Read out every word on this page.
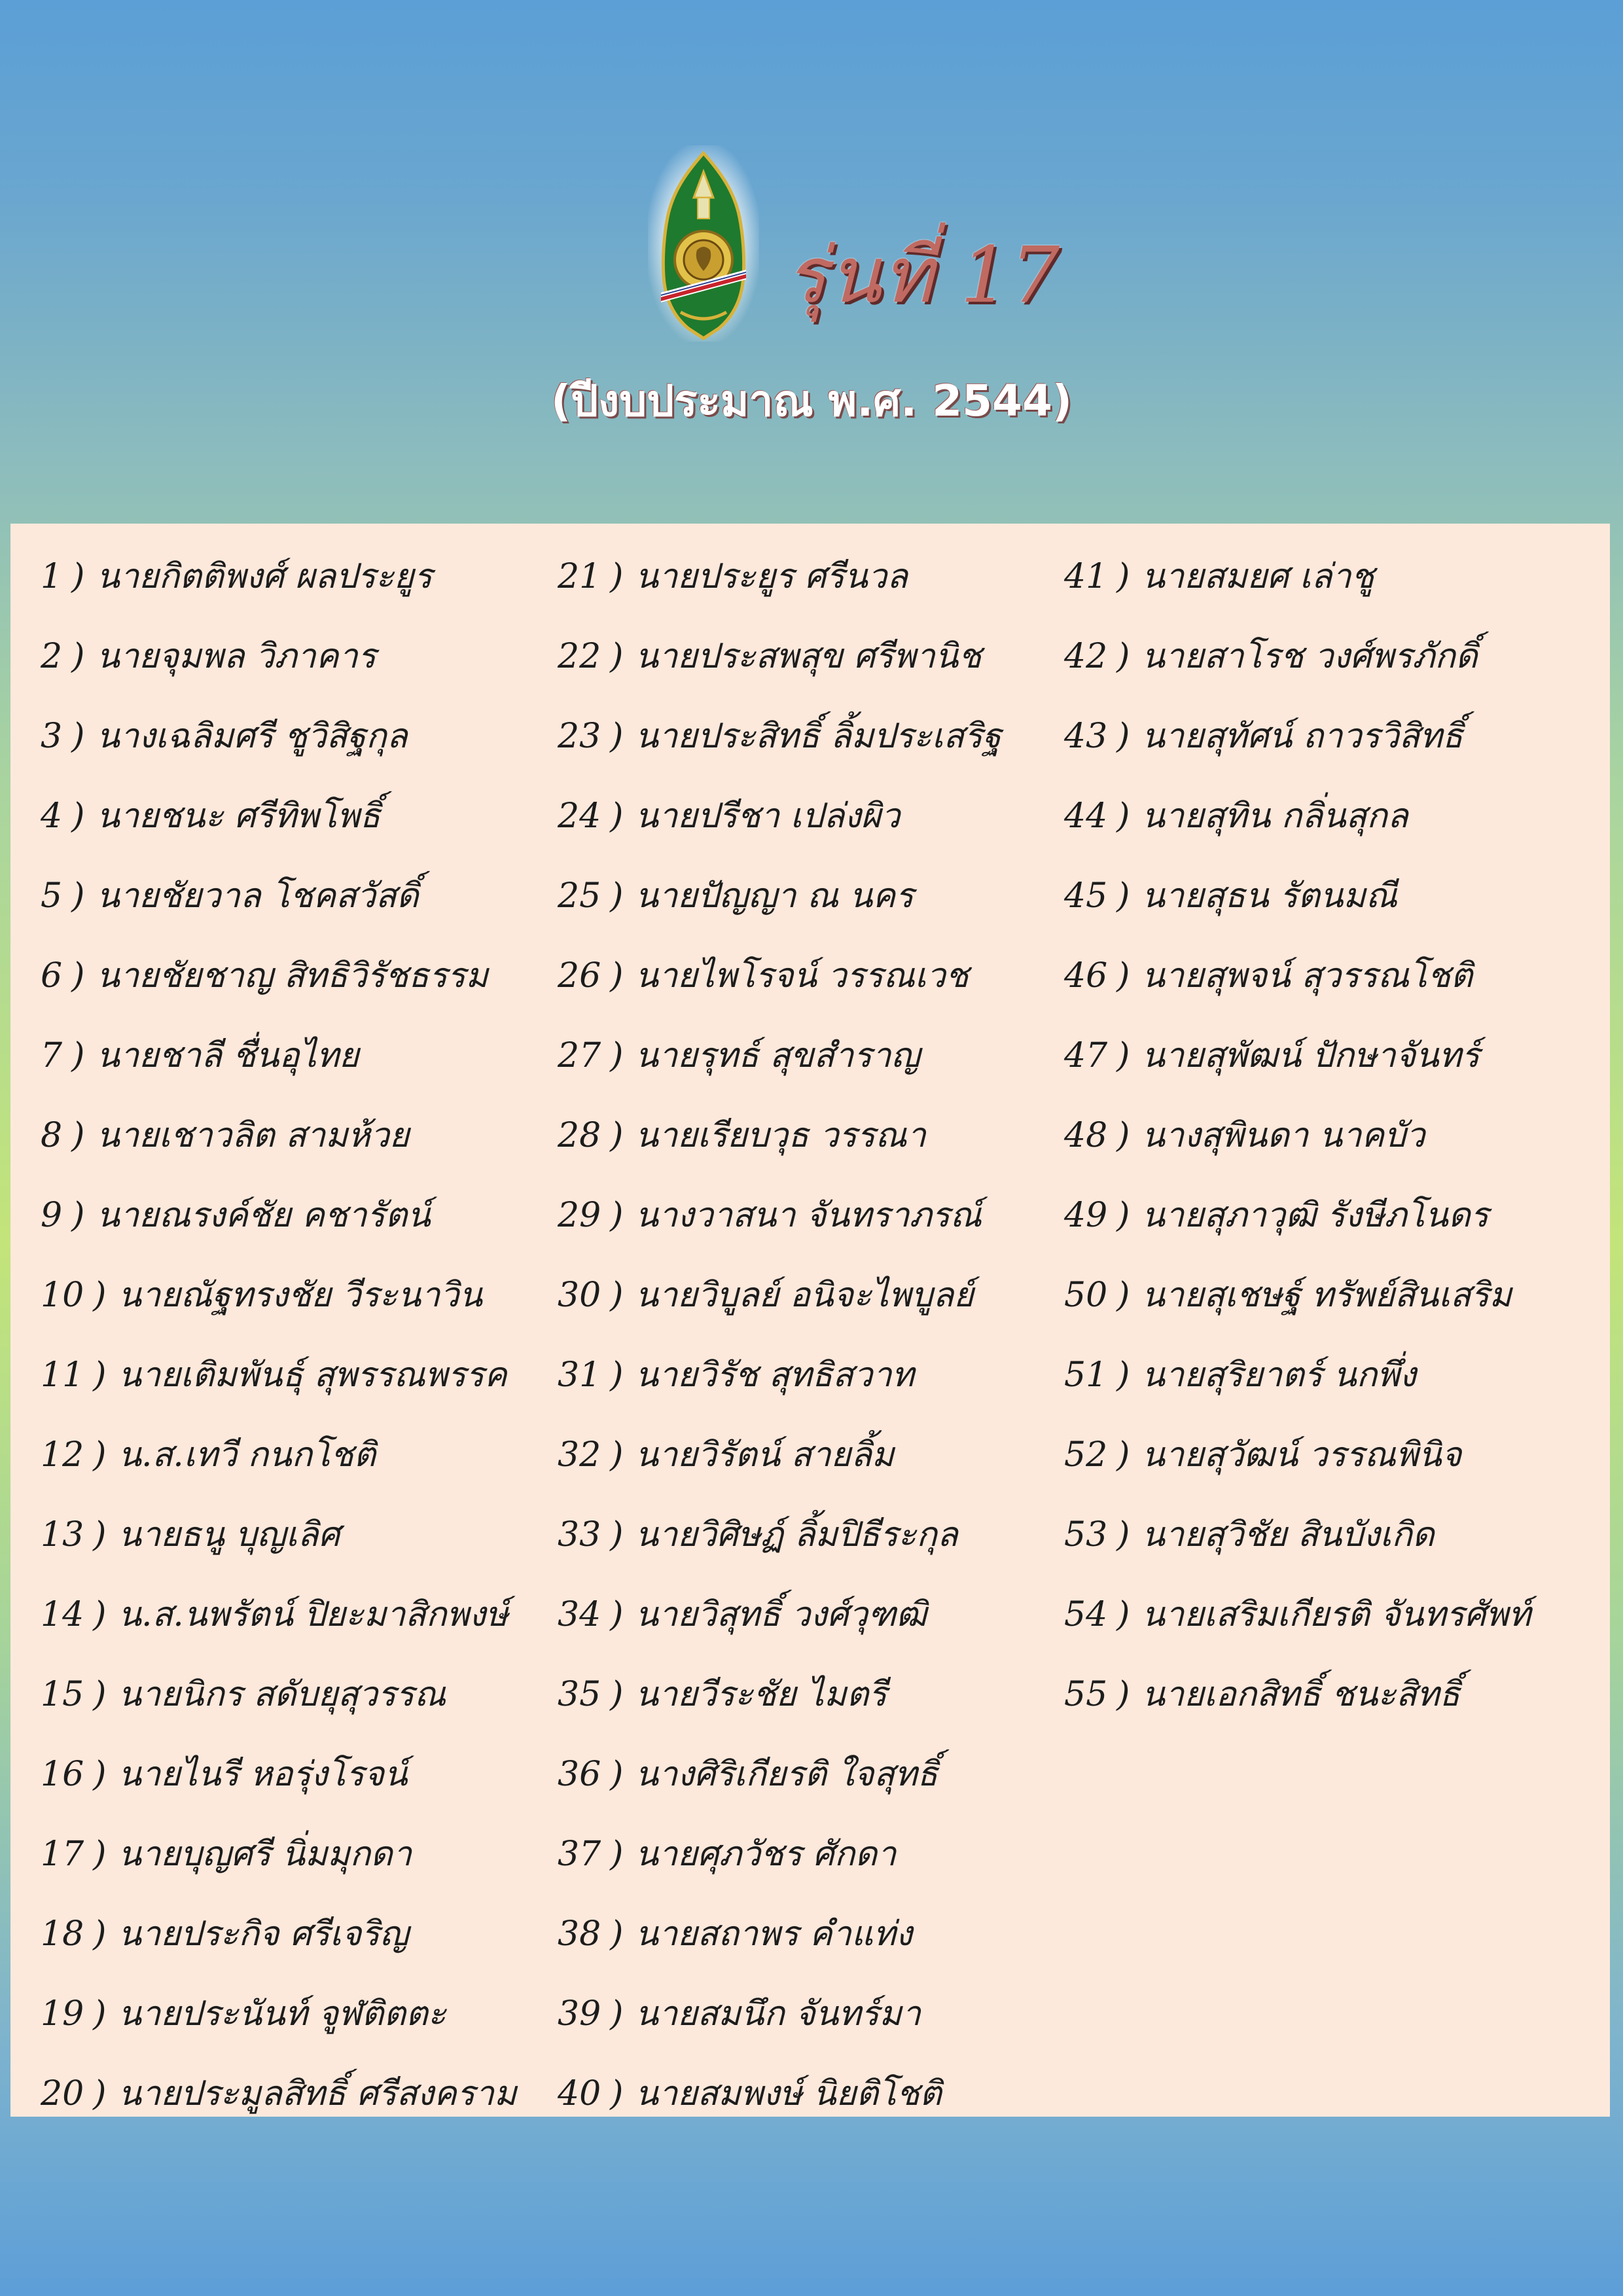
รุ่นที่ 17
(ปีงบประมาณ พ.ศ. 2544)
1 ) นายกิตติพงศ์ ผลประยูร
2 ) นายจุมพล วิภาคาร
3 ) นางเฉลิมศรี ชูวิสิฐกุล
4 ) นายชนะ ศรีทิพโพธิ์
5 ) นายชัยวาล โชคสวัสดิ์
6 ) นายชัยชาญ สิทธิวิรัชธรรม
7 ) นายชาลี ชื่นอุไทย
8 ) นายเชาวลิต สามห้วย
9 ) นายณรงค์ชัย คชารัตน์
10 ) นายณัฐทรงชัย วีระนาวิน
11 ) นายเติมพันธุ์ สุพรรณพรรค
12 ) น.ส.เทวี กนกโชติ
13 ) นายธนู บุญเลิศ
14 ) น.ส.นพรัตน์ ปิยะมาสิกพงษ์
15 ) นายนิกร สดับยุสุวรรณ
16 ) นายไนรี หอรุ่งโรจน์
17 ) นายบุญศรี นิ่มมุกดา
18 ) นายประกิจ ศรีเจริญ
19 ) นายประนันท์ จูฬติตตะ
20 ) นายประมูลสิทธิ์ ศรีสงคราม
21 ) นายประยูร ศรีนวล
22 ) นายประสพสุข ศรีพานิช
23 ) นายประสิทธิ์ ลิ้มประเสริฐ
24 ) นายปรีชา เปล่งผิว
25 ) นายปัญญา ณ นคร
26 ) นายไพโรจน์ วรรณเวช
27 ) นายรุทธ์ สุขสำราญ
28 ) นายเรียบวุธ วรรณา
29 ) นางวาสนา จันทราภรณ์
30 ) นายวิบูลย์ อนิจะไพบูลย์
31 ) นายวิรัช สุทธิสวาท
32 ) นายวิรัตน์ สายลิ้ม
33 ) นายวิศิษฏ์ ลิ้มปิธีระกุล
34 ) นายวิสุทธิ์ วงศ์วุฑฒิ
35 ) นายวีระชัย ไมตรี
36 ) นางศิริเกียรติ ใจสุทธิ์
37 ) นายศุภวัชร ศักดา
38 ) นายสถาพร คำแท่ง
39 ) นายสมนึก จันทร์มา
40 ) นายสมพงษ์ นิยติโชติ
41 ) นายสมยศ เล่าชู
42 ) นายสาโรช วงศ์พรภักดิ์
43 ) นายสุทัศน์ ถาวรวิสิทธิ์
44 ) นายสุทิน กลิ่นสุกล
45 ) นายสุธน รัตนมณี
46 ) นายสุพจน์ สุวรรณโชติ
47 ) นายสุพัฒน์ ปักษาจันทร์
48 ) นางสุพินดา นาคบัว
49 ) นายสุภาวุฒิ รังษีภโนดร
50 ) นายสุเชษฐ์ ทรัพย์สินเสริม
51 ) นายสุริยาตร์ นกพึ่ง
52 ) นายสุวัฒน์ วรรณพินิจ
53 ) นายสุวิชัย สินบังเกิด
54 ) นายเสริมเกียรติ จันทรศัพท์
55 ) นายเอกสิทธิ์ ชนะสิทธิ์
